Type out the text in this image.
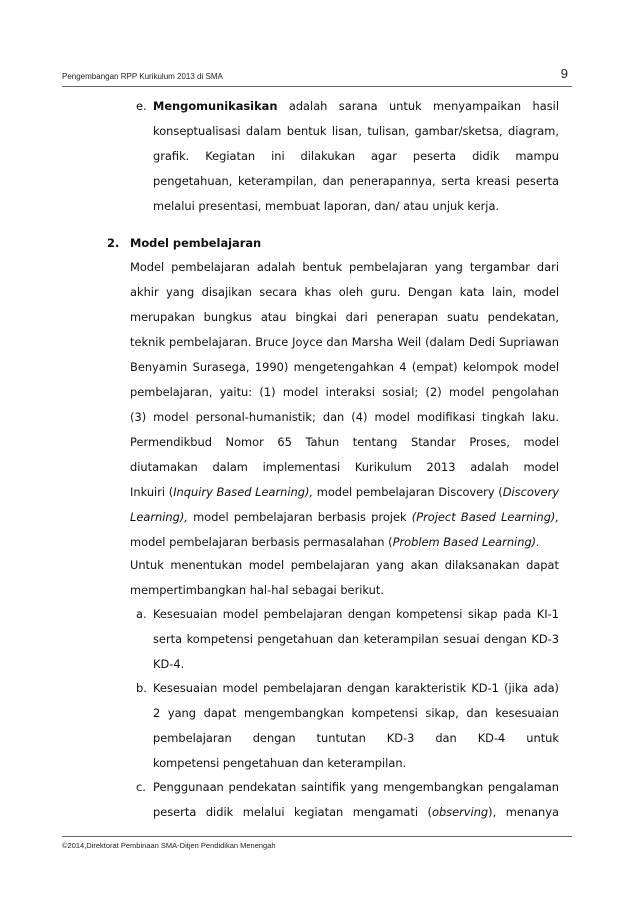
Pengembangan RPP Kurikulum 2013 di SMA	9
e. Mengomunikasikan adalah sarana untuk menyampaikan hasil
konseptualisasi dalam bentuk lisan, tulisan, gambar/sketsa, diagram,
grafik. Kegiatan ini dilakukan agar peserta didik mampu
pengetahuan, keterampilan, dan penerapannya, serta kreasi peserta
melalui presentasi, membuat laporan, dan/ atau unjuk kerja.
2. Model pembelajaran
Model pembelajaran adalah bentuk pembelajaran yang tergambar dari
akhir yang disajikan secara khas oleh guru. Dengan kata lain, model
merupakan bungkus atau bingkai dari penerapan suatu pendekatan,
teknik pembelajaran. Bruce Joyce dan Marsha Weil (dalam Dedi Supriawan
Benyamin Surasega, 1990) mengetengahkan 4 (empat) kelompok model
pembelajaran, yaitu: (1) model interaksi sosial; (2) model pengolahan
(3) model personal-humanistik; dan (4) model modifikasi tingkah laku.
Permendikbud Nomor 65 Tahun tentang Standar Proses, model
diutamakan dalam implementasi Kurikulum 2013 adalah model
Inkuiri (Inquiry Based Learning), model pembelajaran Discovery (Discovery
Learning), model pembelajaran berbasis projek (Project Based Learning),
model pembelajaran berbasis permasalahan (Problem Based Learning).
Untuk menentukan model pembelajaran yang akan dilaksanakan dapat
mempertimbangkan hal-hal sebagai berikut.
a. Kesesuaian model pembelajaran dengan kompetensi sikap pada KI-1
serta kompetensi pengetahuan dan keterampilan sesuai dengan KD-3
KD-4.
b. Kesesuaian model pembelajaran dengan karakteristik KD-1 (jika ada)
2 yang dapat mengembangkan kompetensi sikap, dan kesesuaian
pembelajaran dengan tuntutan KD-3 dan KD-4 untuk
kompetensi pengetahuan dan keterampilan.
c. Penggunaan pendekatan saintifik yang mengembangkan pengalaman
peserta didik melalui kegiatan mengamati (observing), menanya
©2014,Direktorat Pembinaan SMA-Ditjen Pendidikan Menengah
